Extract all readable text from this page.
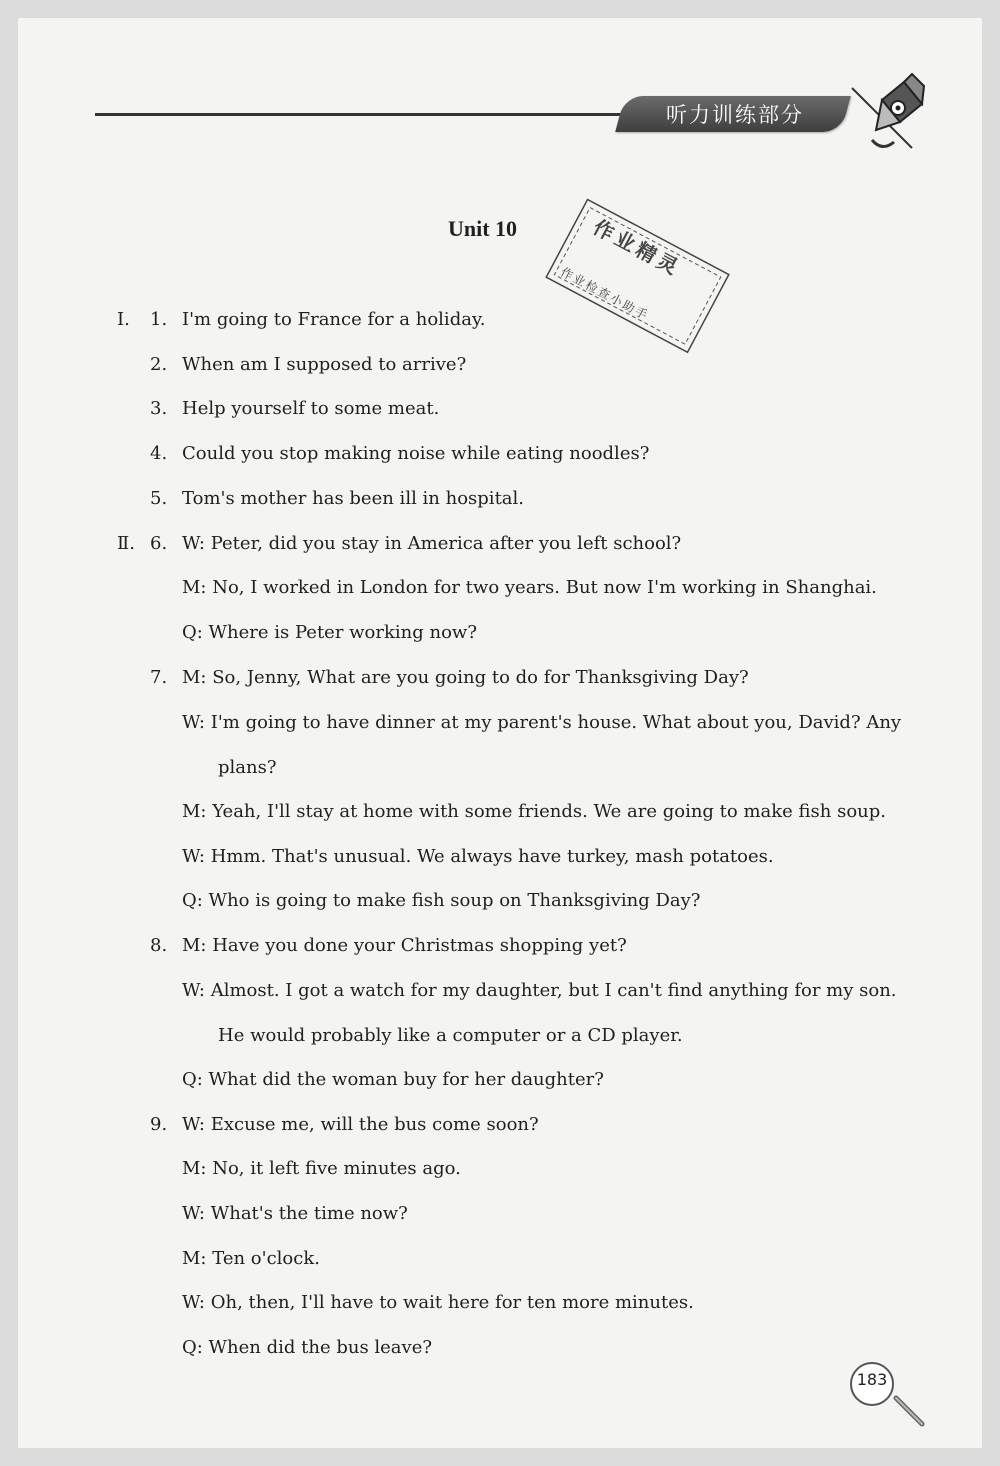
听力训练部分
Unit 10	作业精灵
作业检查小助手
Ⅰ. 1. I'm going to France for a holiday.
2. When am I supposed to arrive?
3. Help yourself to some meat.
4. Could you stop making noise while eating noodles?
5. Tom's mother has been ill in hospital.
Ⅱ. 6. W: Peter, did you stay in America after you left school?
M: No, I worked in London for two years. But now I'm working in Shanghai.
Q: Where is Peter working now?
7. M: So, Jenny, What are you going to do for Thanksgiving Day?
W: I'm going to have dinner at my parent's house. What about you, David? Any
plans?
M: Yeah, I'll stay at home with some friends. We are going to make fish soup.
W: Hmm. That's unusual. We always have turkey, mash potatoes.
Q: Who is going to make fish soup on Thanksgiving Day?
8. M: Have you done your Christmas shopping yet?
W: Almost. I got a watch for my daughter, but I can't find anything for my son.
He would probably like a computer or a CD player.
Q: What did the woman buy for her daughter?
9. W: Excuse me, will the bus come soon?
M: No, it left five minutes ago.
W: What's the time now?
M: Ten o'clock.
W: Oh, then, I'll have to wait here for ten more minutes.
Q: When did the bus leave?
183
